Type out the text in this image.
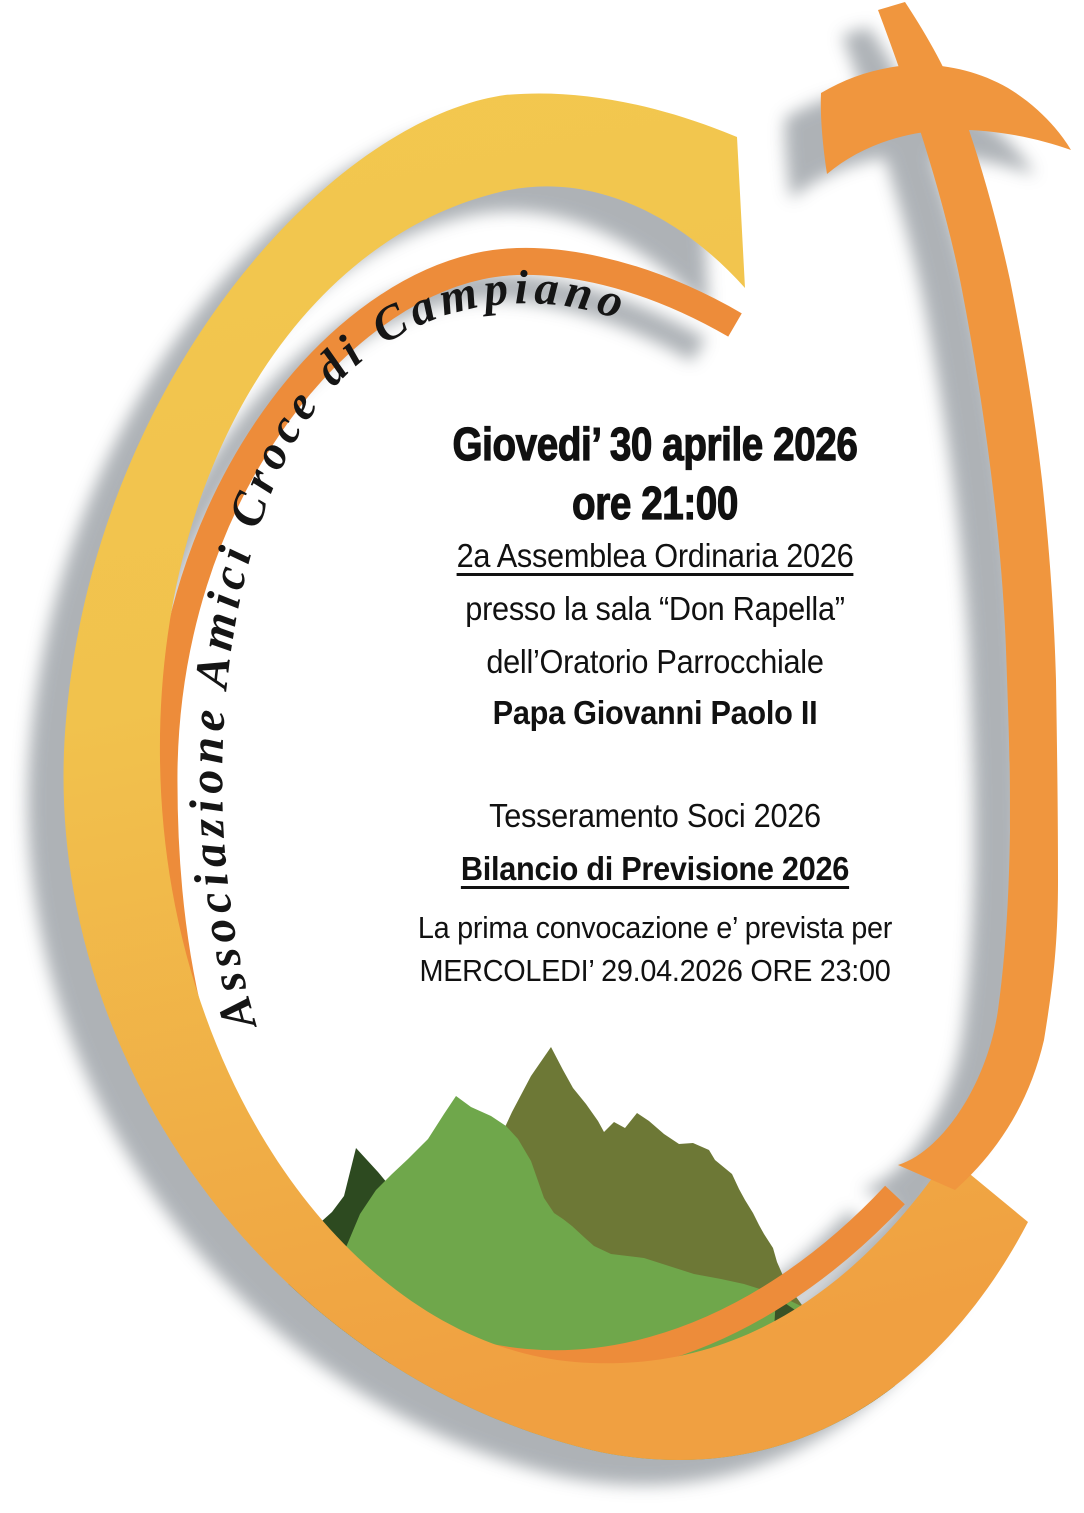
Associazione Amici Croce di Campiano
Giovedi’ 30 aprile 2026
ore 21:00
2a Assemblea Ordinaria 2026
presso la sala “Don Rapella”
dell’Oratorio Parrocchiale
Papa Giovanni Paolo II
Tesseramento Soci 2026
Bilancio di Previsione 2026
La prima convocazione e’ prevista per
MERCOLEDI’ 29.04.2026 ORE 23:00
